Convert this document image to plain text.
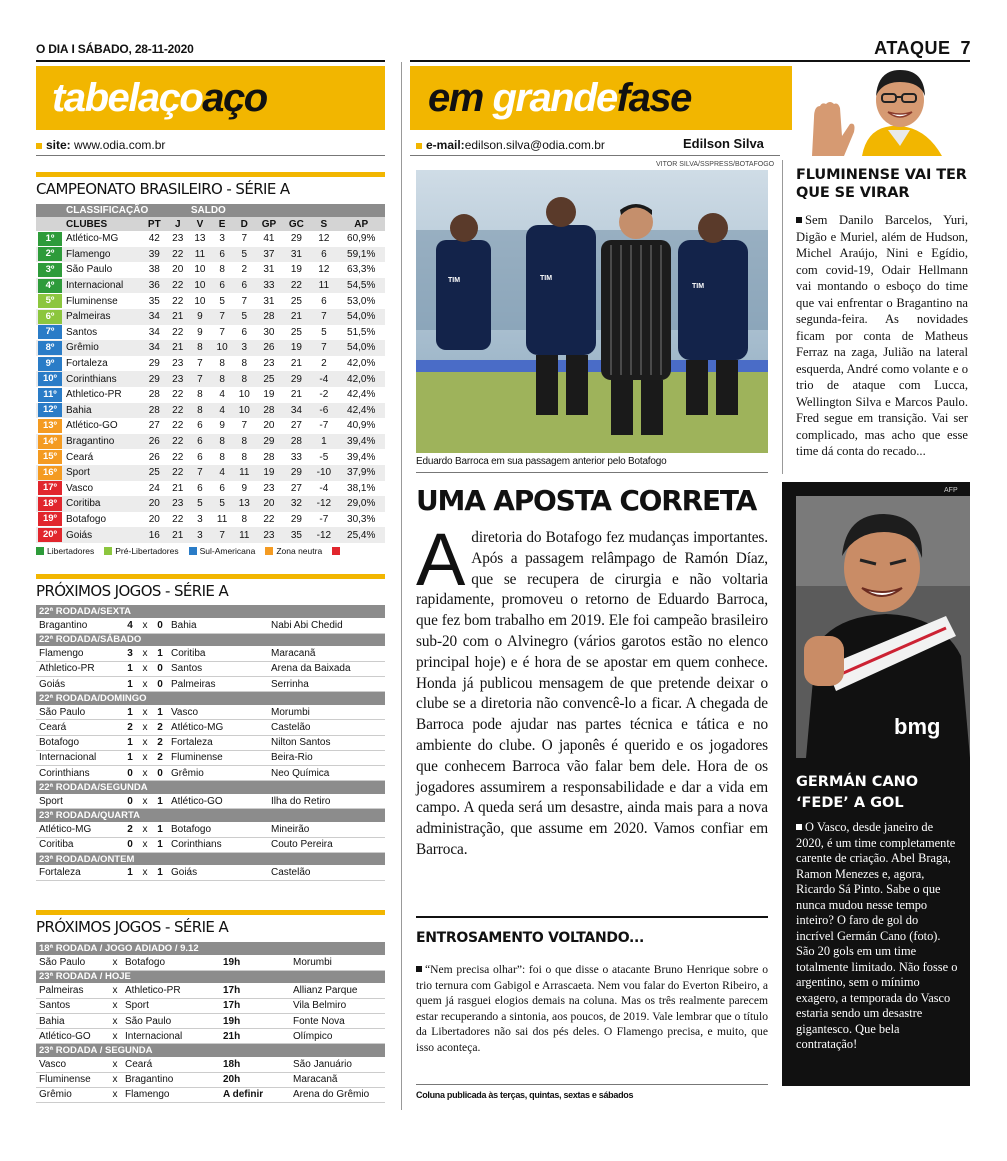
O DIA I SÁBADO, 28-11-2020	ATAQUE 7
tabelaçoaço
site: www.odia.com.br
CAMPEONATO BRASILEIRO - SÉRIE A
	CLASSIFICAÇÃO			SALDO						
	CLUBES	PT	J	V	E	D	GP	GC	S	AP
1º	Atlético-MG	42	23	13	3	7	41	29	12	60,9%
2º	Flamengo	39	22	11	6	5	37	31	6	59,1%
3º	São Paulo	38	20	10	8	2	31	19	12	63,3%
4º	Internacional	36	22	10	6	6	33	22	11	54,5%
5º	Fluminense	35	22	10	5	7	31	25	6	53,0%
6º	Palmeiras	34	21	9	7	5	28	21	7	54,0%
7º	Santos	34	22	9	7	6	30	25	5	51,5%
8º	Grêmio	34	21	8	10	3	26	19	7	54,0%
9º	Fortaleza	29	23	7	8	8	23	21	2	42,0%
10º	Corinthians	29	23	7	8	8	25	29	-4	42,0%
11º	Athletico-PR	28	22	8	4	10	19	21	-2	42,4%
12º	Bahia	28	22	8	4	10	28	34	-6	42,4%
13º	Atlético-GO	27	22	6	9	7	20	27	-7	40,9%
14º	Bragantino	26	22	6	8	8	29	28	1	39,4%
15º	Ceará	26	22	6	8	8	28	33	-5	39,4%
16º	Sport	25	22	7	4	11	19	29	-10	37,9%
17º	Vasco	24	21	6	6	9	23	27	-4	38,1%
18º	Coritiba	20	23	5	5	13	20	32	-12	29,0%
19º	Botafogo	20	22	3	11	8	22	29	-7	30,3%
20º	Goiás	16	21	3	7	11	23	35	-12	25,4%
Libertadores Pré-Libertadores Sul-Americana Zona neutra
PRÓXIMOS JOGOS - SÉRIE A
22ª RODADA/SEXTA					
Bragantino	4	x	0	Bahia	Nabi Abi Chedid
22ª RODADA/SÁBADO					
Flamengo	3	x	1	Coritiba	Maracanã
Athletico-PR	1	x	0	Santos	Arena da Baixada
Goiás	1	x	0	Palmeiras	Serrinha
22ª RODADA/DOMINGO					
São Paulo	1	x	1	Vasco	Morumbi
Ceará	2	x	2	Atlético-MG	Castelão
Botafogo	1	x	2	Fortaleza	Nilton Santos
Internacional	1	x	2	Fluminense	Beira-Rio
Corinthians	0	x	0	Grêmio	Neo Química
22ª RODADA/SEGUNDA					
Sport	0	x	1	Atlético-GO	Ilha do Retiro
23ª RODADA/QUARTA					
Atlético-MG	2	x	1	Botafogo	Mineirão
Coritiba	0	x	1	Corinthians	Couto Pereira
23ª RODADA/ONTEM					
Fortaleza	1	x	1	Goiás	Castelão
PRÓXIMOS JOGOS - SÉRIE A
18ª RODADA / JOGO ADIADO / 9.12				
São Paulo	x	Botafogo	19h	Morumbi
23ª RODADA / HOJE				
Palmeiras	x	Athletico-PR	17h	Allianz Parque
Santos	x	Sport	17h	Vila Belmiro
Bahia	x	São Paulo	19h	Fonte Nova
Atlético-GO	x	Internacional	21h	Olímpico
23ª RODADA / SEGUNDA				
Vasco	x	Ceará	18h	São Januário
Fluminense	x	Bragantino	20h	Maracanã
Grêmio	x	Flamengo	A definir	Arena do Grêmio
em grandefase
e-mail:edilson.silva@odia.com.br	Edilson Silva
VITOR SILVA/SSPRESS/BOTAFOGO
TIM
TIM
TIM
Eduardo Barroca em sua passagem anterior pelo Botafogo
UMA APOSTA CORRETA
Adiretoria do Botafogo fez mudanças importantes. Após a passagem relâmpago de Ramón Díaz, que se recupera de cirurgia e não voltaria rapidamente, promoveu o retorno de Eduardo Barroca, que fez bom trabalho em 2019. Ele foi campeão brasileiro sub-20 com o Alvinegro (vários garotos estão no elenco principal hoje) e é hora de se apostar em quem conhece. Honda já publicou mensagem de que pretende deixar o clube se a diretoria não convencê-lo a ficar. A chegada de Barroca pode ajudar nas partes técnica e tática e no ambiente do clube. O japonês é querido e os jogadores que conhecem Barroca vão falar bem dele. Hora de os jogadores assumirem a responsabilidade e dar a vida em campo. A queda será um desastre, ainda mais para a nova administração, que assume em 2020. Vamos confiar em Barroca.
ENTROSAMENTO VOLTANDO...
“Nem precisa olhar”: foi o que disse o atacante Bruno Henrique sobre o trio ternura com Gabigol e Arrascaeta. Nem vou falar do Everton Ribeiro, a quem já rasguei elogios demais na coluna. Mas os três realmente parecem estar recuperando a sintonia, aos poucos, de 2019. Vale lembrar que o título da Libertadores não sai dos pés deles. O Flamengo precisa, e muito, que isso aconteça.
Coluna publicada às terças, quintas, sextas e sábados
FLUMINENSE VAI TER QUE SE VIRAR
Sem Danilo Barcelos, Yuri, Digão e Muriel, além de Hudson, Michel Araújo, Nini e Egídio, com covid-19, Odair Hellmann vai montando o esboço do time que vai enfrentar o Bragantino na segunda-feira. As novidades ficam por conta de Matheus Ferraz na zaga, Julião na lateral esquerda, André como volante e o trio de ataque com Lucca, Wellington Silva e Marcos Paulo. Fred segue em transição. Vai ser complicado, mas acho que esse time dá conta do recado...
AFP
bmg
GERMÁN CANO
‘FEDE’ A GOL
O Vasco, desde janeiro de 2020, é um time completamente carente de criação. Abel Braga, Ramon Menezes e, agora, Ricardo Sá Pinto. Sabe o que nunca mudou nesse tempo inteiro? O faro de gol do incrível Germán Cano (foto). São 20 gols em um time totalmente limitado. Não fosse o argentino, sem o mínimo exagero, a temporada do Vasco estaria sendo um desastre gigantesco. Que bela contratação!
